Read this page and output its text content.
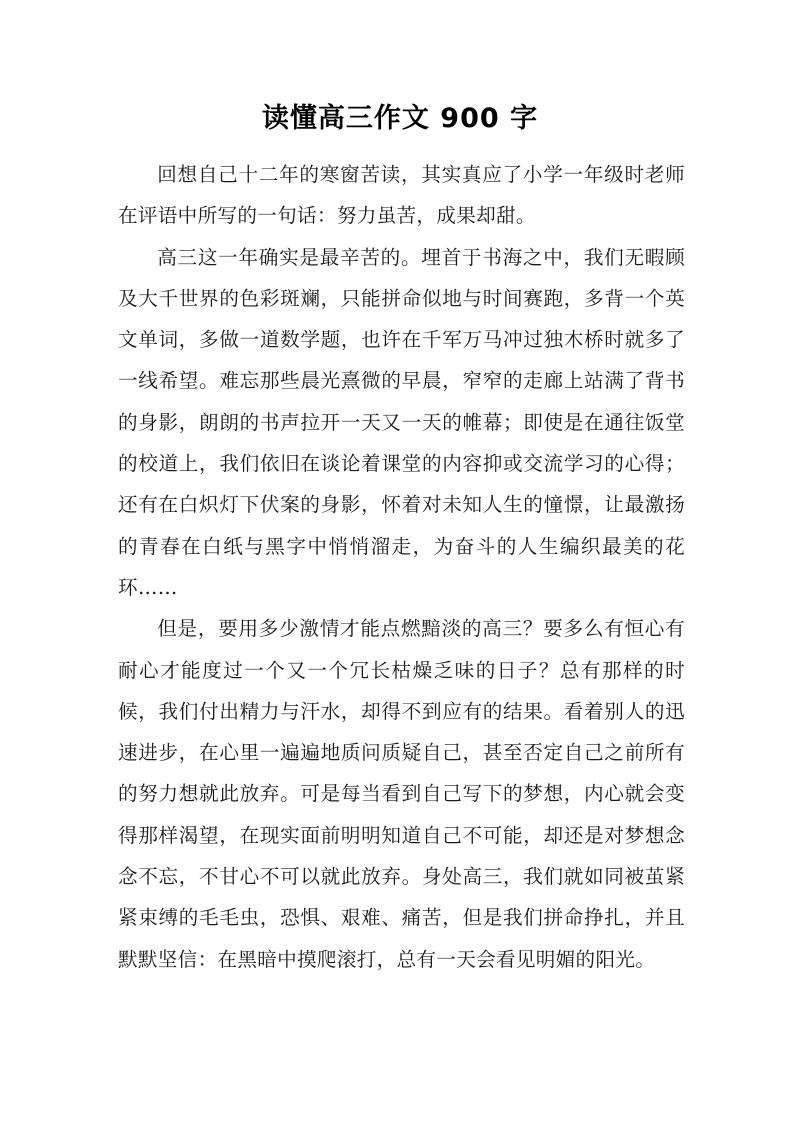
读懂高三作文 900 字

回想自己十二年的寒窗苦读，其实真应了小学一年级时老师在评语中所写的一句话：努力虽苦，成果却甜。

高三这一年确实是最辛苦的。埋首于书海之中，我们无暇顾及大千世界的色彩斑斓，只能拼命似地与时间赛跑，多背一个英文单词，多做一道数学题，也许在千军万马冲过独木桥时就多了一线希望。难忘那些晨光熹微的早晨，窄窄的走廊上站满了背书的身影，朗朗的书声拉开一天又一天的帷幕；即使是在通往饭堂的校道上，我们依旧在谈论着课堂的内容抑或交流学习的心得；还有在白炽灯下伏案的身影，怀着对未知人生的憧憬，让最激扬的青春在白纸与黑字中悄悄溜走，为奋斗的人生编织最美的花环……

但是，要用多少激情才能点燃黯淡的高三？要多么有恒心有耐心才能度过一个又一个冗长枯燥乏味的日子？总有那样的时候，我们付出精力与汗水，却得不到应有的结果。看着别人的迅速进步，在心里一遍遍地质问质疑自己，甚至否定自己之前所有的努力想就此放弃。可是每当看到自己写下的梦想，内心就会变得那样渴望，在现实面前明明知道自己不可能，却还是对梦想念念不忘，不甘心不可以就此放弃。身处高三，我们就如同被茧紧紧束缚的毛毛虫，恐惧、艰难、痛苦，但是我们拼命挣扎，并且默默坚信：在黑暗中摸爬滚打，总有一天会看见明媚的阳光。
